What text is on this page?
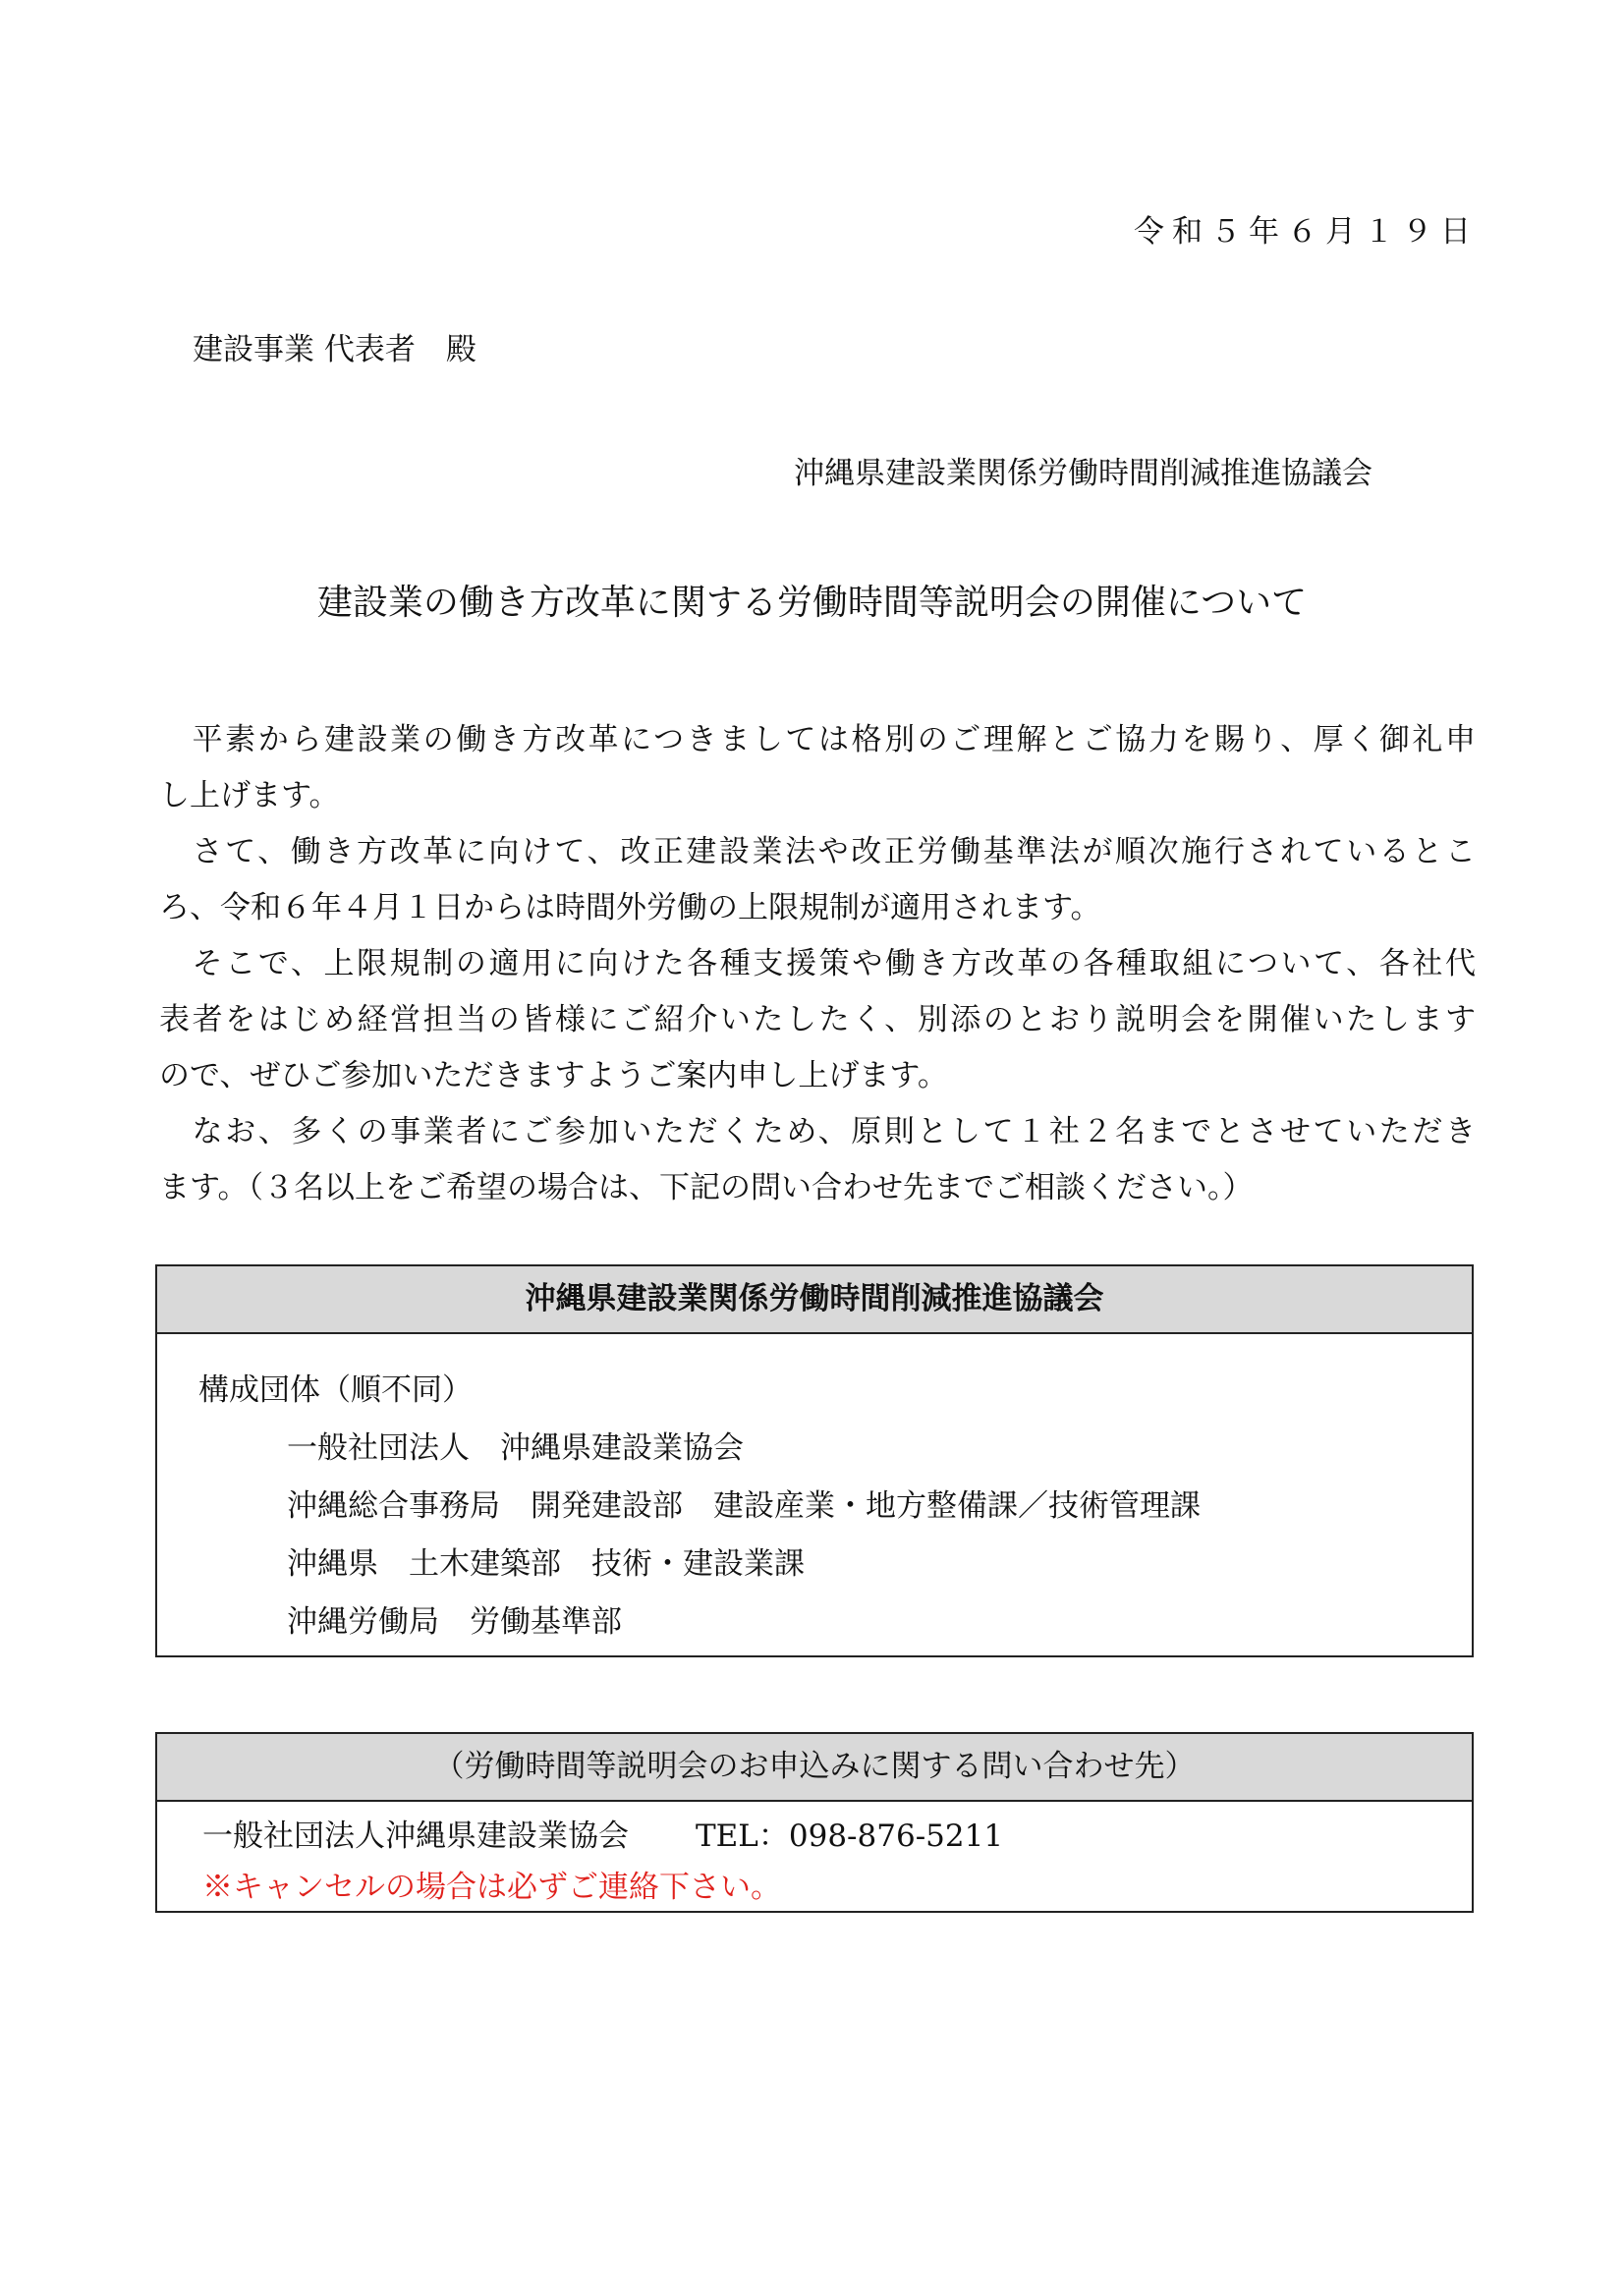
令和５年６月１９日
建設事業 代表者　殿
沖縄県建設業関係労働時間削減推進協議会
建設業の働き方改革に関する労働時間等説明会の開催について
　平素から建設業の働き方改革につきましては格別のご理解とご協力を賜り、厚く御礼申
し上げます。
　さて、働き方改革に向けて、改正建設業法や改正労働基準法が順次施行されているとこ
ろ、令和６年４月１日からは時間外労働の上限規制が適用されます。
　そこで、上限規制の適用に向けた各種支援策や働き方改革の各種取組について、各社代
表者をはじめ経営担当の皆様にご紹介いたしたく、別添のとおり説明会を開催いたします
ので、ぜひご参加いただきますようご案内申し上げます。
　なお、多くの事業者にご参加いただくため、原則として１社２名までとさせていただき
ます。（３名以上をご希望の場合は、下記の問い合わせ先までご相談ください。）
沖縄県建設業関係労働時間削減推進協議会
構成団体（順不同）
一般社団法人　沖縄県建設業協会
沖縄総合事務局　開発建設部　建設産業・地方整備課／技術管理課
沖縄県　土木建築部　技術・建設業課
沖縄労働局　労働基準部
（労働時間等説明会のお申込みに関する問い合わせ先）
一般社団法人沖縄県建設業協会 TEL：098-876-5211
※キャンセルの場合は必ずご連絡下さい。
